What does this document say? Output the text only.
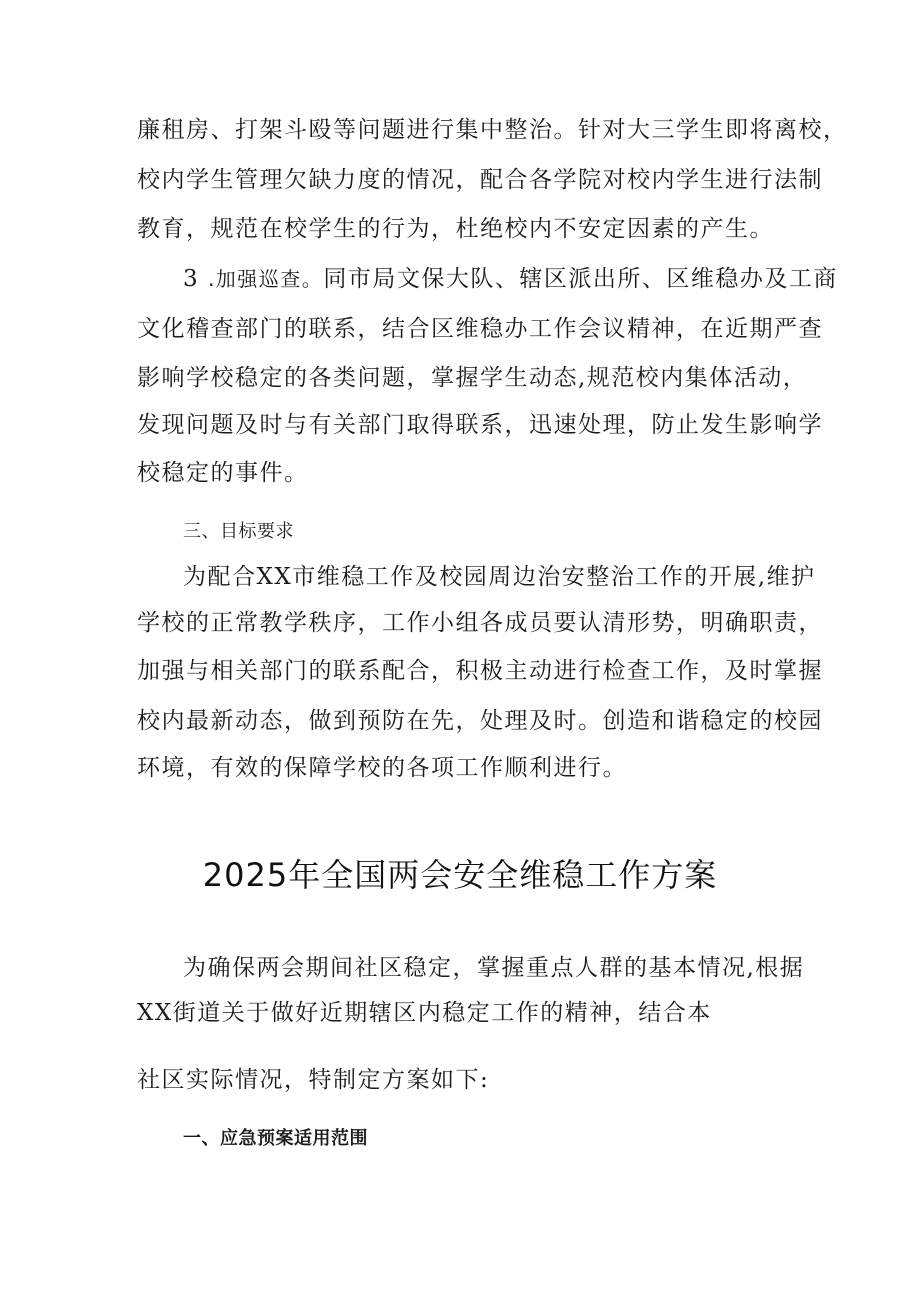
廉租房、打架斗殴等问题进行集中整治。针对大三学生即将离校，
校内学生管理欠缺力度的情况，配合各学院对校内学生进行法制
教育，规范在校学生的行为，杜绝校内不安定因素的产生。
3 .加强巡查。同市局文保大队、辖区派出所、区维稳办及工商
文化稽查部门的联系，结合区维稳办工作会议精神，在近期严查
影响学校稳定的各类问题，掌握学生动态,规范校内集体活动，
发现问题及时与有关部门取得联系，迅速处理，防止发生影响学
校稳定的事件。
三、目标要求
为配合XX市维稳工作及校园周边治安整治工作的开展,维护
学校的正常教学秩序，工作小组各成员要认清形势，明确职责，
加强与相关部门的联系配合，积极主动进行检查工作，及时掌握
校内最新动态，做到预防在先，处理及时。创造和谐稳定的校园
环境，有效的保障学校的各项工作顺利进行。
2025年全国两会安全维稳工作方案
为确保两会期间社区稳定，掌握重点人群的基本情况,根据
XX街道关于做好近期辖区内稳定工作的精神，结合本
社区实际情况，特制定方案如下:
一、应急预案适用范围
